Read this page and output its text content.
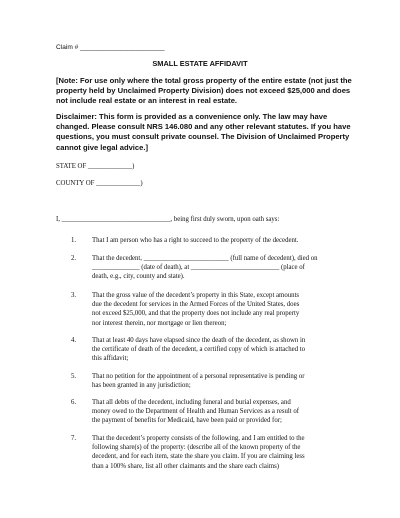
Claim # _______________________
SMALL ESTATE AFFIDAVIT
[Note: For use only where the total gross property of the entire estate (not just the property held by Unclaimed Property Division) does not exceed $25,000 and does not include real estate or an interest in real estate.
Disclaimer: This form is provided as a convenience only. The law may have changed. Please consult NRS 146.080 and any other relevant statutes. If you have questions, you must consult private counsel. The Division of Unclaimed Property cannot give legal advice.]
STATE OF _____________)
COUNTY OF _____________)
I, ________________________________, being first duly sworn, upon oath says:
1. That I am person who has a right to succeed to the property of the decedent.
2. That the decedent, _________________________ (full name of decedent), died on
______________ (date of death), at __________________________ (place of
death, e.g., city, county and state).
3. That the gross value of the decedent’s property in this State, except amounts
due the decedent for services in the Armed Forces of the United States, does
not exceed $25,000, and that the property does not include any real property
nor interest therein, nor mortgage or lien thereon;
4. That at least 40 days have elapsed since the death of the decedent, as shown in
the certificate of death of the decedent, a certified copy of which is attached to
this affidavit;
5. That no petition for the appointment of a personal representative is pending or
has been granted in any jurisdiction;
6. That all debts of the decedent, including funeral and burial expenses, and
money owed to the Department of Health and Human Services as a result of
the payment of benefits for Medicaid, have been paid or provided for;
7. That the decedent’s property consists of the following, and I am entitled to the
following share(s) of the property: (describe all of the known property of the
decedent, and for each item, state the share you claim. If you are claiming less
than a 100% share, list all other claimants and the share each claims)
